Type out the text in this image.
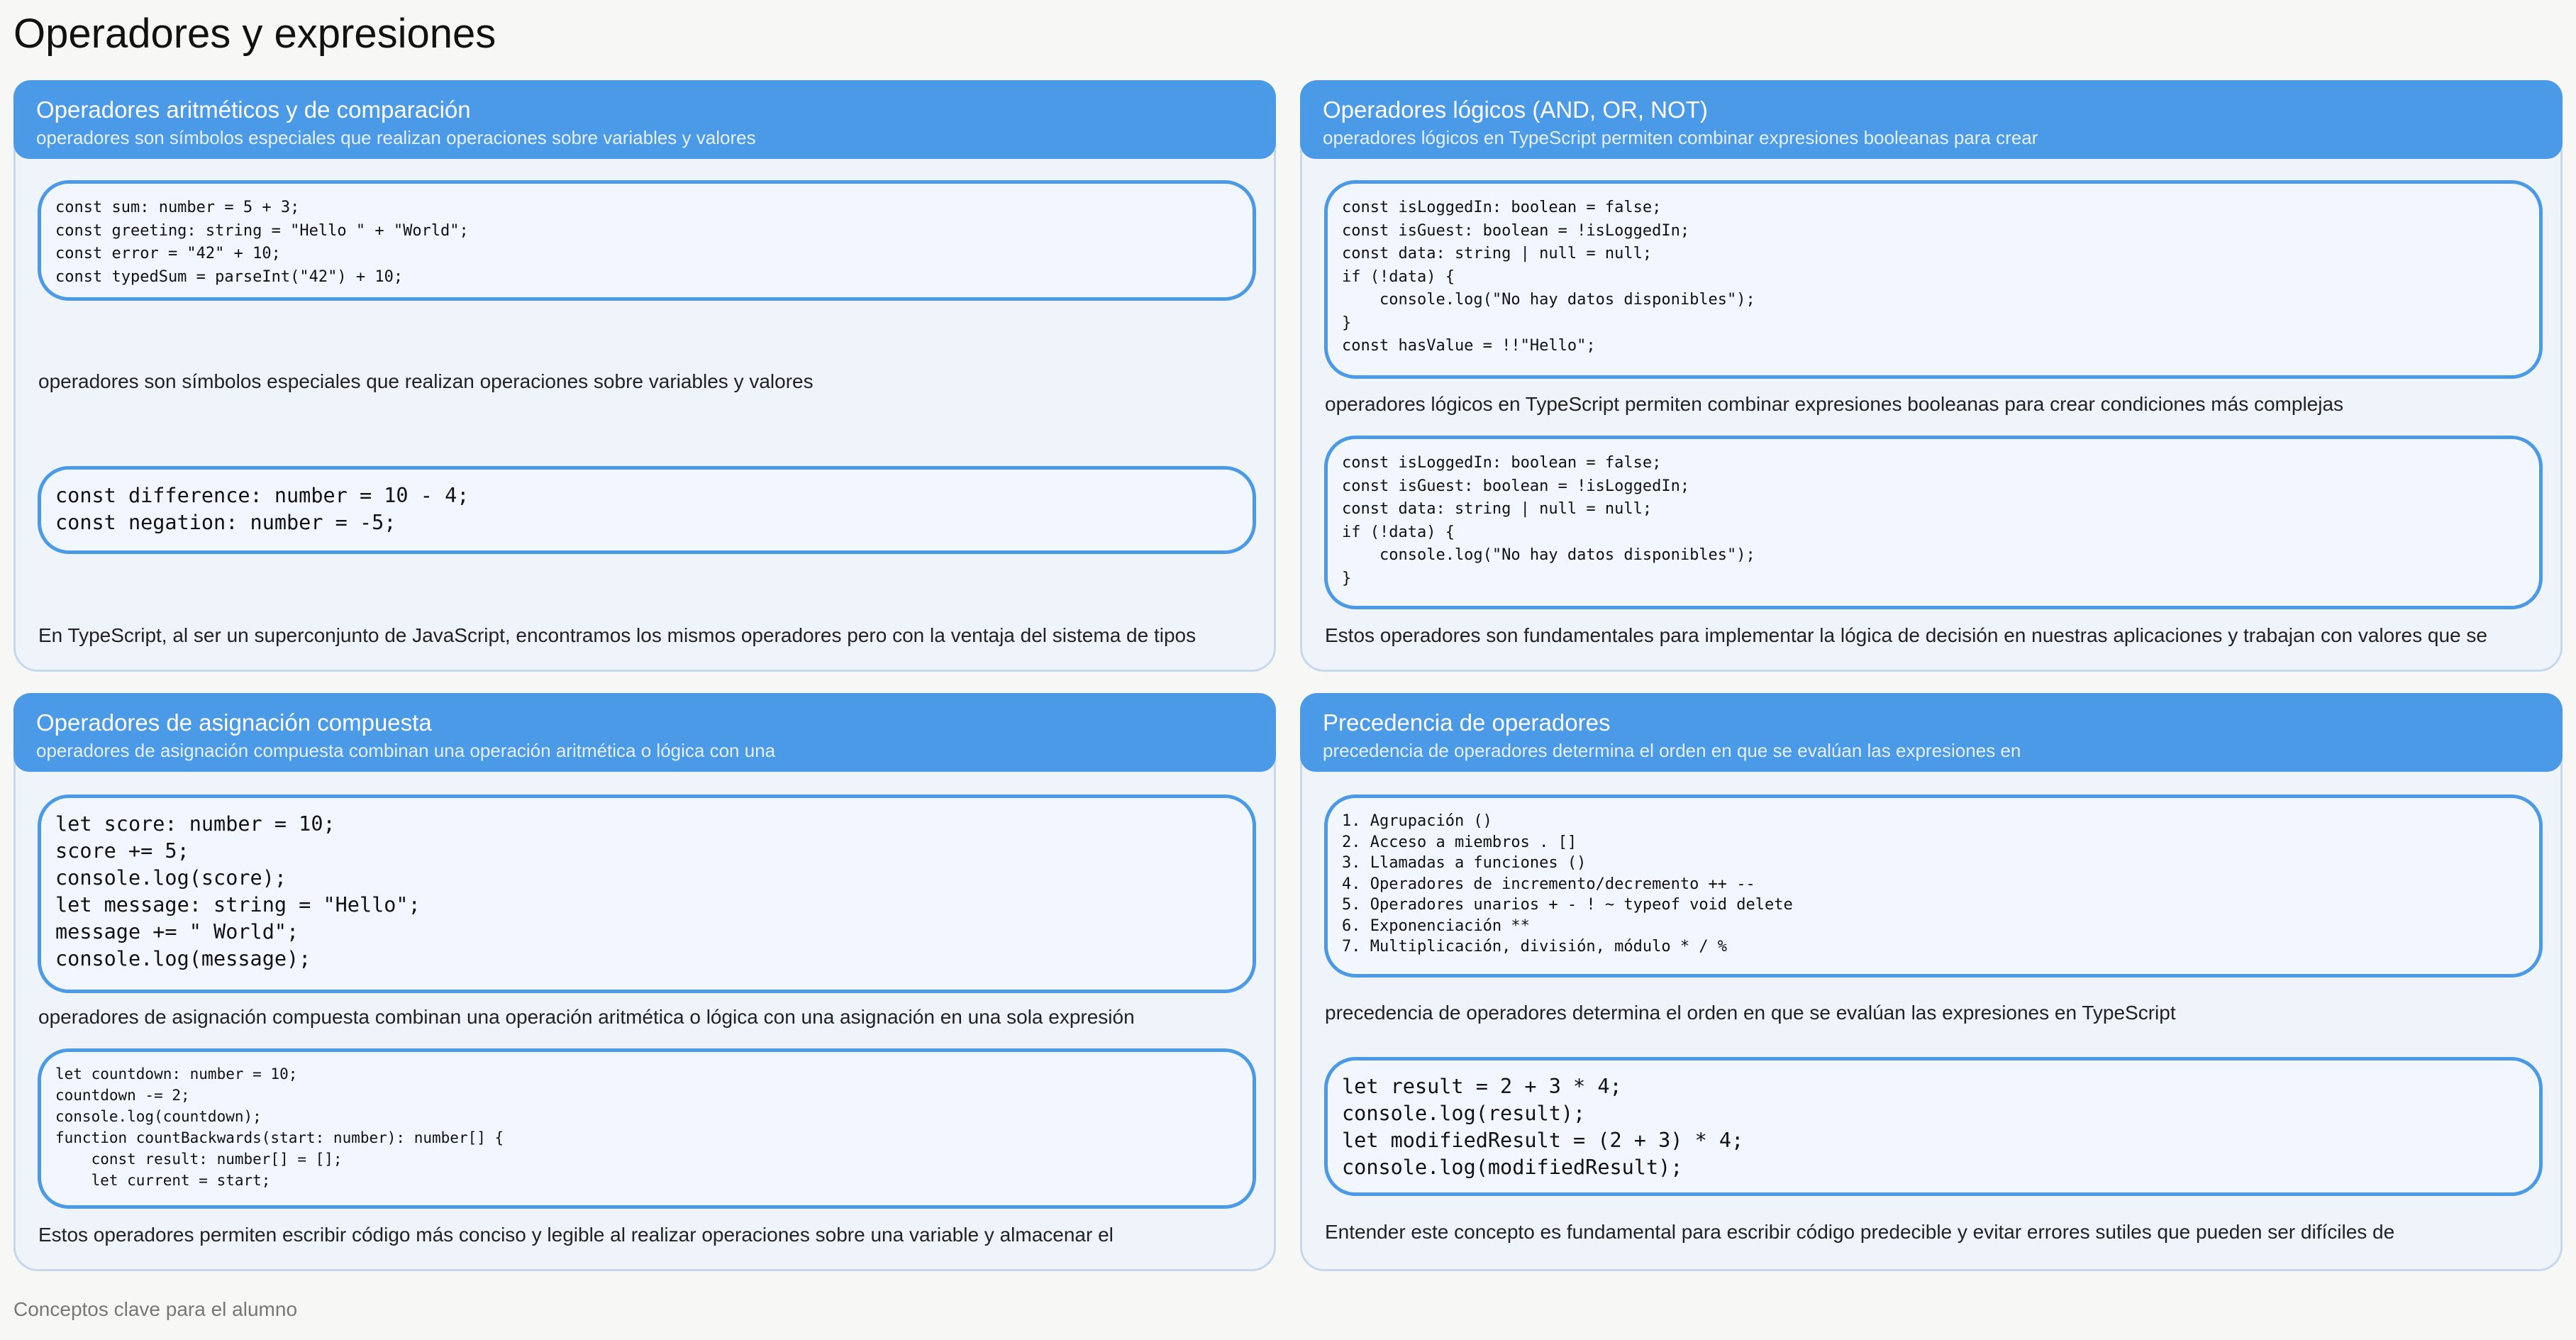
Operadores y expresiones
Operadores aritméticos y de comparación
operadores son símbolos especiales que realizan operaciones sobre variables y valores
const sum: number = 5 + 3;
const greeting: string = "Hello " + "World";
const error = "42" + 10;
const typedSum = parseInt("42") + 10;
operadores son símbolos especiales que realizan operaciones sobre variables y valores
const difference: number = 10 - 4;
const negation: number = -5;
En TypeScript, al ser un superconjunto de JavaScript, encontramos los mismos operadores pero con la ventaja del sistema de tipos
Operadores lógicos (AND, OR, NOT)
operadores lógicos en TypeScript permiten combinar expresiones booleanas para crear
const isLoggedIn: boolean = false;
const isGuest: boolean = !isLoggedIn;
const data: string | null = null;
if (!data) {
console.log("No hay datos disponibles");
}
const hasValue = !!"Hello";
operadores lógicos en TypeScript permiten combinar expresiones booleanas para crear condiciones más complejas
const isLoggedIn: boolean = false;
const isGuest: boolean = !isLoggedIn;
const data: string | null = null;
if (!data) {
console.log("No hay datos disponibles");
}
Estos operadores son fundamentales para implementar la lógica de decisión en nuestras aplicaciones y trabajan con valores que se
Operadores de asignación compuesta
operadores de asignación compuesta combinan una operación aritmética o lógica con una
let score: number = 10;
score += 5;
console.log(score);
let message: string = "Hello";
message += " World";
console.log(message);
operadores de asignación compuesta combinan una operación aritmética o lógica con una asignación en una sola expresión
let countdown: number = 10;
countdown -= 2;
console.log(countdown);
function countBackwards(start: number): number[] {
const result: number[] = [];
let current = start;
Estos operadores permiten escribir código más conciso y legible al realizar operaciones sobre una variable y almacenar el
Precedencia de operadores
precedencia de operadores determina el orden en que se evalúan las expresiones en
1. Agrupación ()
2. Acceso a miembros . []
3. Llamadas a funciones ()
4. Operadores de incremento/decremento ++ --
5. Operadores unarios + - ! ~ typeof void delete
6. Exponenciación **
7. Multiplicación, división, módulo * / %
precedencia de operadores determina el orden en que se evalúan las expresiones en TypeScript
let result = 2 + 3 * 4;
console.log(result);
let modifiedResult = (2 + 3) * 4;
console.log(modifiedResult);
Entender este concepto es fundamental para escribir código predecible y evitar errores sutiles que pueden ser difíciles de
Conceptos clave para el alumno
